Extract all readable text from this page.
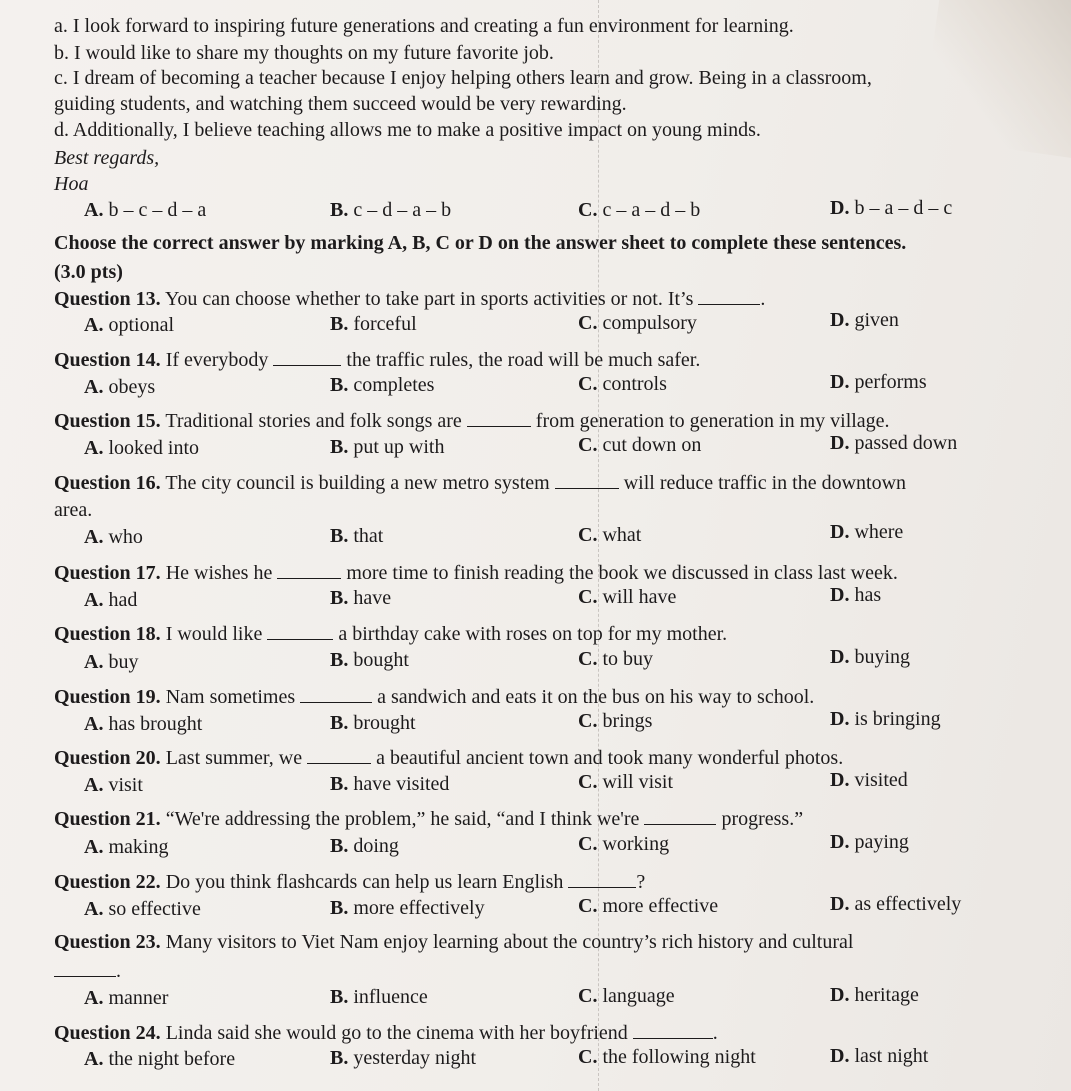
a. I look forward to inspiring future generations and creating a fun environment for learning.
b. I would like to share my thoughts on my future favorite job.
c. I dream of becoming a teacher because I enjoy helping others learn and grow. Being in a classroom,
guiding students, and watching them succeed would be very rewarding.
d. Additionally, I believe teaching allows me to make a positive impact on young minds.
Best regards,
Hoa
A. b – c – d – a	B. c – d – a – b	C. c – a – d – b	D. b – a – d – c
Choose the correct answer by marking A, B, C or D on the answer sheet to complete these sentences.
(3.0 pts)
Question 13. You can choose whether to take part in sports activities or not. It’s	.
A. optional	B. forceful	C. compulsory	D. given
Question 14. If everybody	the traffic rules, the road will be much safer.
A. obeys	B. completes	C. controls	D. performs
Question 15. Traditional stories and folk songs are	from generation to generation in my village.
A. looked into	B. put up with	C. cut down on	D. passed down
Question 16. The city council is building a new metro system	will reduce traffic in the downtown
area.
A. who	B. that	C. what	D. where
Question 17. He wishes he	more time to finish reading the book we discussed in class last week.
A. had	B. have	C. will have	D. has
Question 18. I would like	a birthday cake with roses on top for my mother.
A. buy	B. bought	C. to buy	D. buying
Question 19. Nam sometimes	a sandwich and eats it on the bus on his way to school.
A. has brought	B. brought	C. brings	D. is bringing
Question 20. Last summer, we	a beautiful ancient town and took many wonderful photos.
A. visit	B. have visited	C. will visit	D. visited
Question 21. “We're addressing the problem,” he said, “and I think we're	progress.”
A. making	B. doing	C. working	D. paying
Question 22. Do you think flashcards can help us learn English	?
A. so effective	B. more effectively	C. more effective	D. as effectively
Question 23. Many visitors to Viet Nam enjoy learning about the country’s rich history and cultural
.
A. manner	B. influence	C. language	D. heritage
Question 24. Linda said she would go to the cinema with her boyfriend	.
A. the night before	B. yesterday night	C. the following night	D. last night
